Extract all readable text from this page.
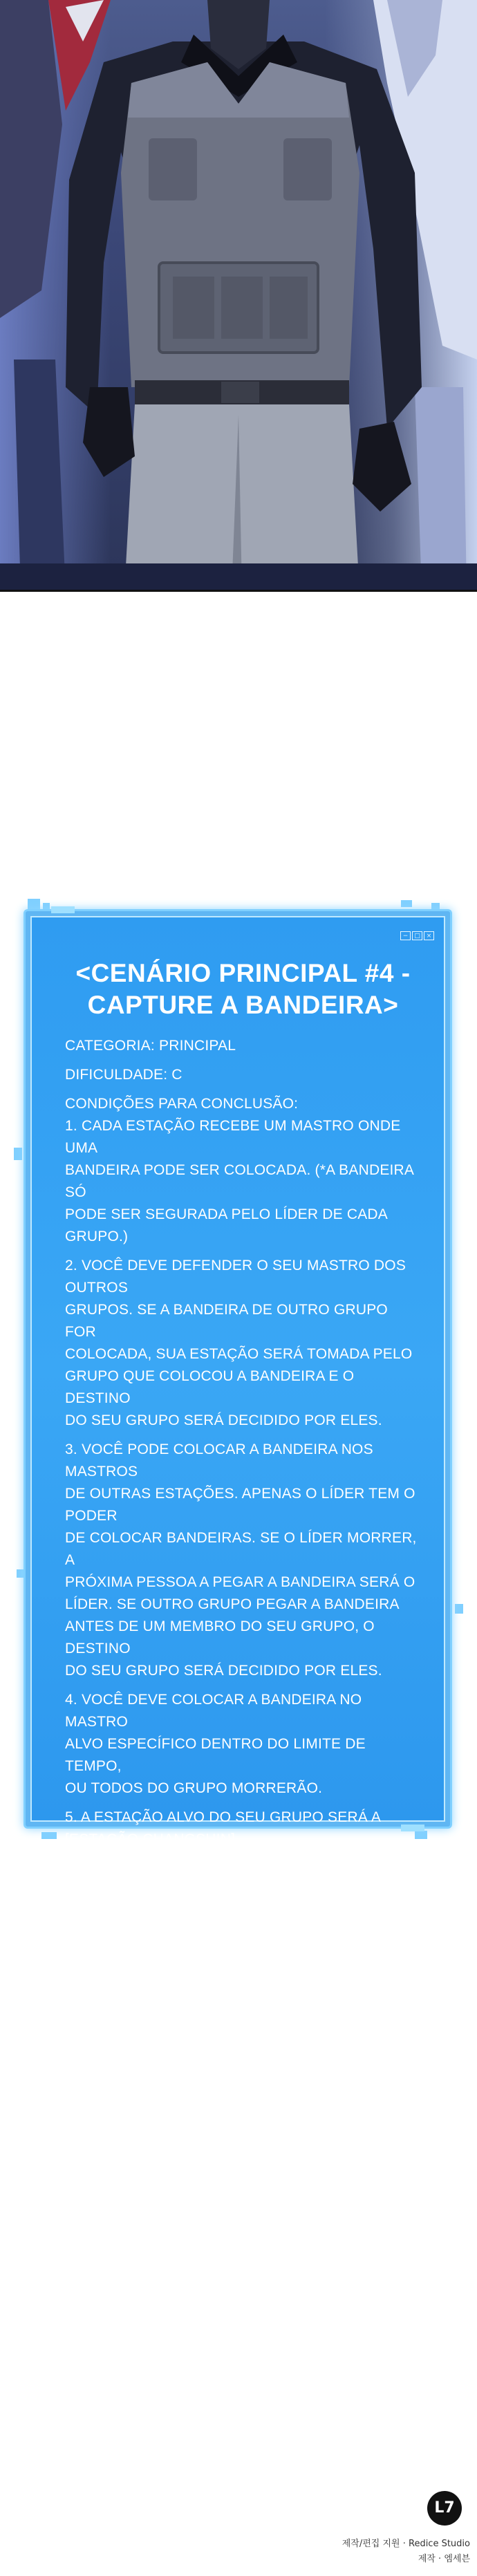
− □ ×
<CENÁRIO PRINCIPAL #4 -
CAPTURE A BANDEIRA>

CATEGORIA: PRINCIPAL

DIFICULDADE: C

CONDIÇÕES PARA CONCLUSÃO:

1. CADA ESTAÇÃO RECEBE UM MASTRO ONDE UMA

BANDEIRA PODE SER COLOCADA. (*A BANDEIRA SÓ

PODE SER SEGURADA PELO LÍDER DE CADA GRUPO.)

2. VOCÊ DEVE DEFENDER O SEU MASTRO DOS OUTROS

GRUPOS. SE A BANDEIRA DE OUTRO GRUPO FOR

COLOCADA, SUA ESTAÇÃO SERÁ TOMADA PELO

GRUPO QUE COLOCOU A BANDEIRA E O DESTINO

DO SEU GRUPO SERÁ DECIDIDO POR ELES.

3. VOCÊ PODE COLOCAR A BANDEIRA NOS MASTROS

DE OUTRAS ESTAÇÕES. APENAS O LÍDER TEM O PODER

DE COLOCAR BANDEIRAS. SE O LÍDER MORRER, A

PRÓXIMA PESSOA A PEGAR A BANDEIRA SERÁ O

LÍDER. SE OUTRO GRUPO PEGAR A BANDEIRA

ANTES DE UM MEMBRO DO SEU GRUPO, O DESTINO

DO SEU GRUPO SERÁ DECIDIDO POR ELES.

4. VOCÊ DEVE COLOCAR A BANDEIRA NO MASTRO

ALVO ESPECÍFICO DENTRO DO LIMITE DE TEMPO,

OU TODOS DO GRUPO MORRERÃO.

5. A ESTAÇÃO ALVO DO SEU GRUPO SERÁ A

[ESTAÇÃO CHANGSHIN].

LIMITE DE TEMPO: 12 DIAS

RECOMPENSA: 2000 MOEDAS

PENALIDADE POR FALHA: ???

L7
제작/편집 지원 · Redice Studio
제작 · 엠세븐
